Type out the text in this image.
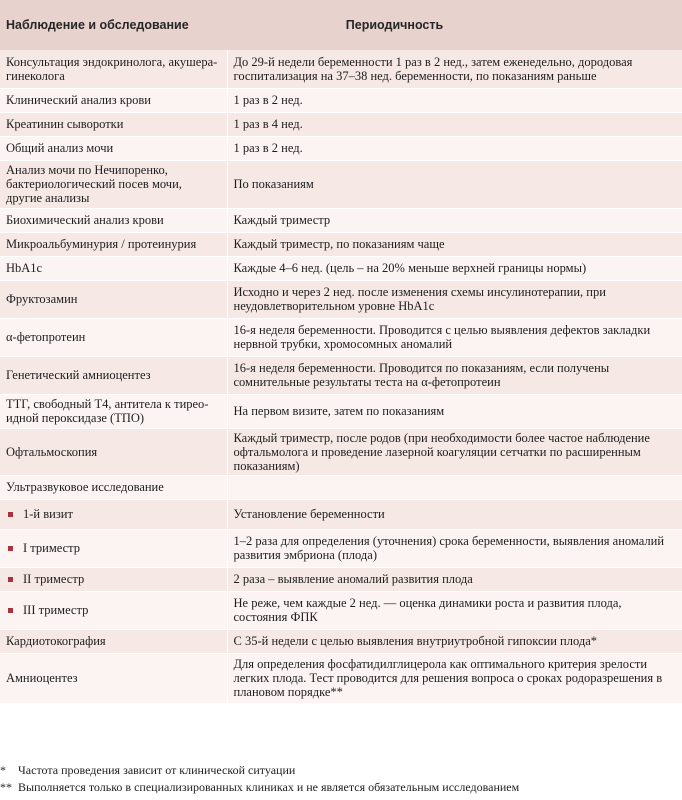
Наблюдение и обследование	Периодичность
Консультация эндокринолога, акушера-гинеколога	До 29-й недели беременности 1 раз в 2 нед., затем еженедельно, дородовая госпитализация на 37–38 нед. беременности, по показаниям раньше
Клинический анализ крови	1 раз в 2 нед.
Креатинин сыворотки	1 раз в 4 нед.
Общий анализ мочи	1 раз в 2 нед.
Анализ мочи по Нечипоренко, бактериологический посев мочи, другие анализы	По показаниям
Биохимический анализ крови	Каждый триместр
Микроальбуминурия / протеинурия	Каждый триместр, по показаниям чаще
HbA1c	Каждые 4–6 нед. (цель – на 20% меньше верхней границы нормы)
Фруктозамин	Исходно и через 2 нед. после изменения схемы инсулинотерапии, при неудовлетворительном уровне HbA1c
α-фетопротеин	16-я неделя беременности. Проводится с целью выявления дефектов закладки нервной трубки, хромосомных аномалий
Генетический амниоцентез	16-я неделя беременности. Проводится по показаниям, если получены сомнительные результаты теста на α-фетопротеин
ТТГ, свободный Т4, антитела к тирео- идной пероксидазе (ТПО)	На первом визите, затем по показаниям
Офтальмоскопия	Каждый триместр, после родов (при необходимости более частое наблюдение офтальмолога и проведение лазерной коагуляции сетчатки по расширенным показаниям)
Ультразвуковое исследование	
1-й визит	Установление беременности
I триместр	1–2 раза для определения (уточнения) срока беременности, выявления аномалий развития эмбриона (плода)
II триместр	2 раза – выявление аномалий развития плода
III триместр	Не реже, чем каждые 2 нед. — оценка динамики роста и развития плода, состояния ФПК
Кардиотокография	С 35-й недели с целью выявления внутриутробной гипоксии плода*
Амниоцентез	Для определения фосфатидилглицерола как оптимального критерия зрелости легких плода. Тест проводится для решения вопроса о сроках родоразрешения в плановом порядке**
* Частота проведения зависит от клинической ситуации
** Выполняется только в специализированных клиниках и не является обязательным исследованием
